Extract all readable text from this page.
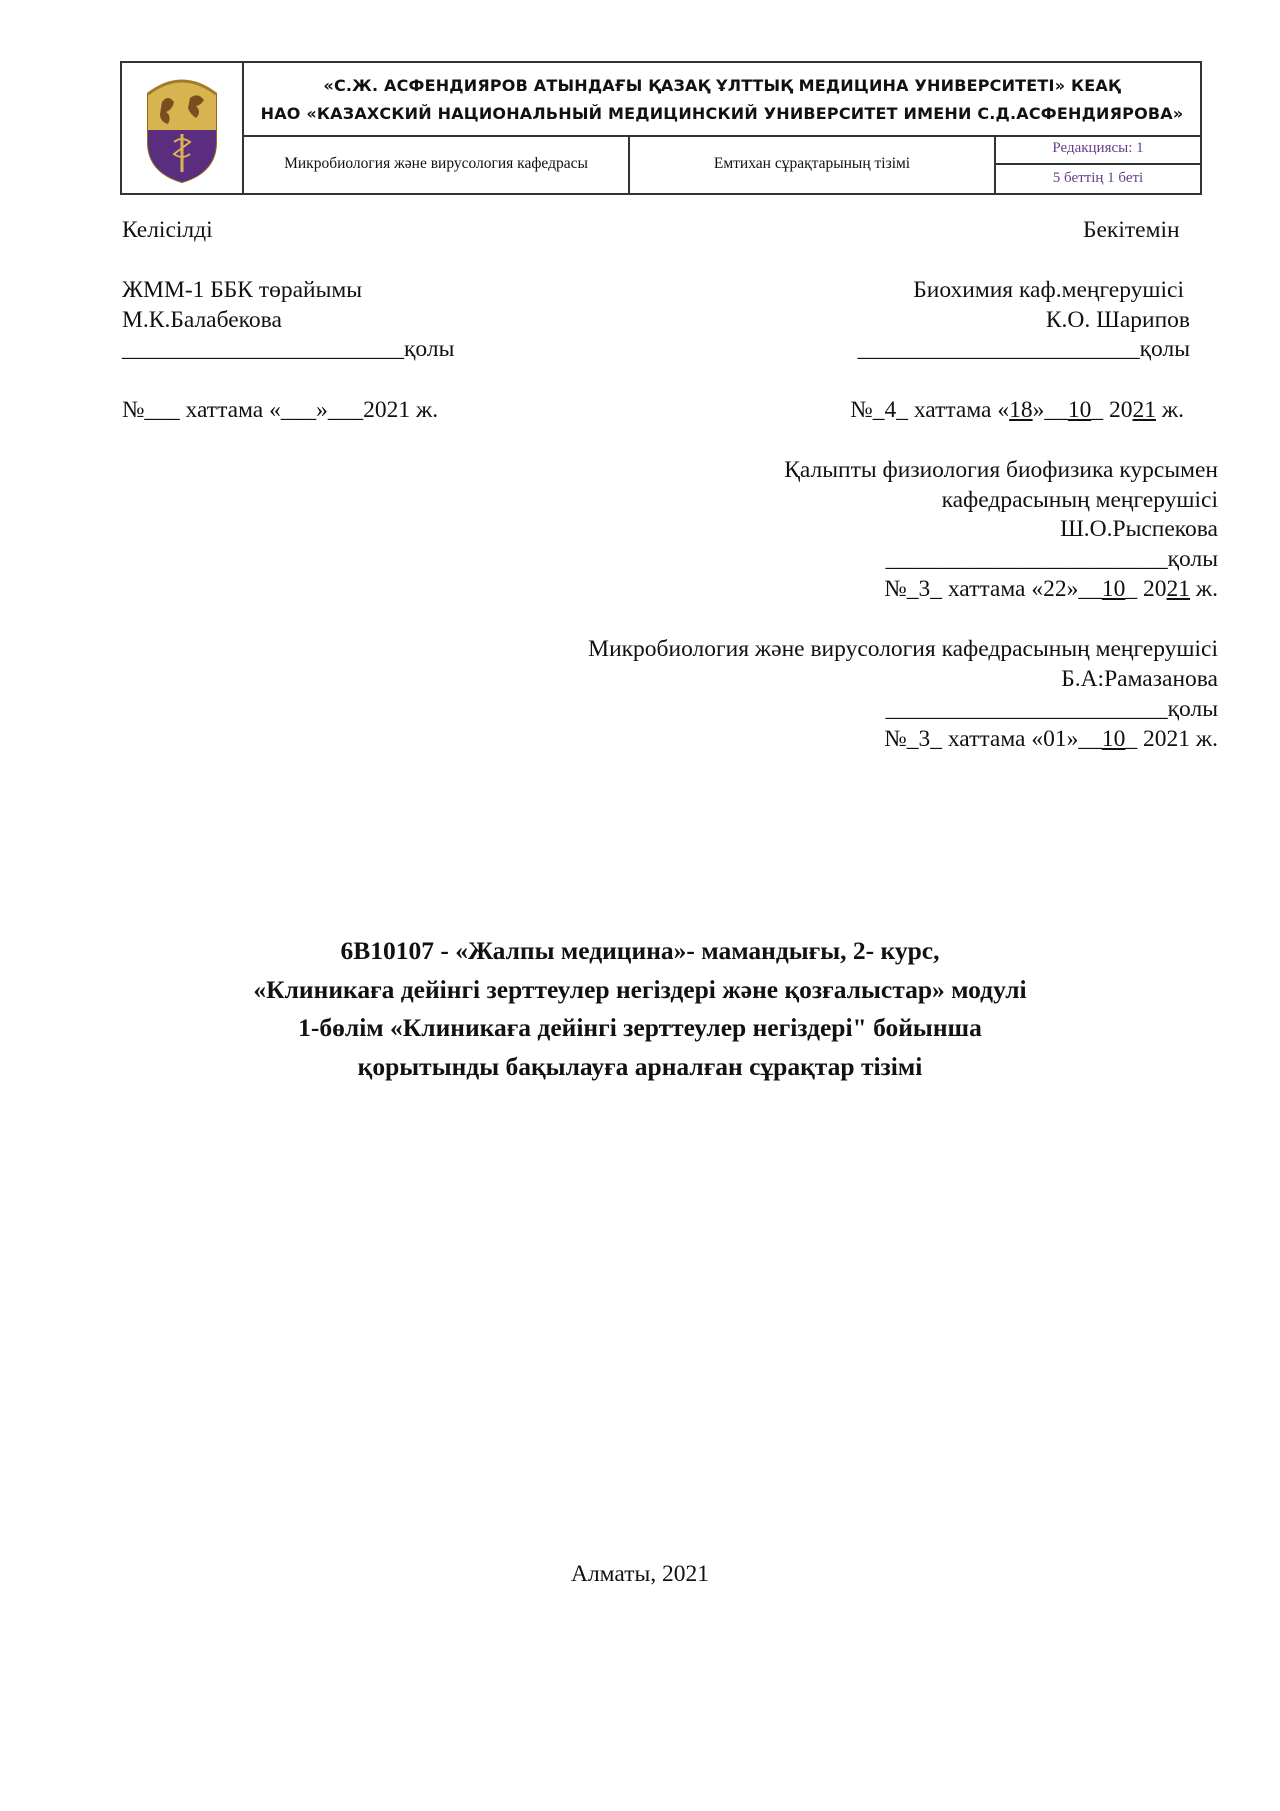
«С.Ж. АСФЕНДИЯРОВ АТЫНДАҒЫ ҚАЗАҚ ҰЛТТЫҚ МЕДИЦИНА УНИВЕРСИТЕТІ» КЕАҚ
НАО «КАЗАХСКИЙ НАЦИОНАЛЬНЫЙ МЕДИЦИНСКИЙ УНИВЕРСИТЕТ ИМЕНИ С.Д.АСФЕНДИЯРОВА»
Микробиология және вирусология кафедрасы	Емтихан сұрақтарының тізімі
Редакциясы: 1
5 беттің 1 беті
Келісілді	Бекітемін
ЖММ-1 ББК төрайымы
М.К.Балабекова
________________________қолы
№___ хаттама «___»___2021 ж.
Биохимия каф.меңгерушісі
К.О. Шарипов
________________________қолы
№_4_ хаттама «18»__10_ 2021 ж.
Қалыпты физиология биофизика курсымен
кафедрасының меңгерушісі
Ш.О.Рыспекова
________________________қолы
№_3_ хаттама «22»__10_ 2021 ж.
Микробиология және вирусология кафедрасының меңгерушісі
Б.А:Рамазанова
________________________қолы
№_3_ хаттама «01»__10_ 2021 ж.
6В10107 - «Жалпы медицина»- мамандығы, 2- курс,
«Клиникаға дейінгі зерттеулер негіздері және қозғалыстар» модулі
1-бөлім «Клиникаға дейінгі зерттеулер негіздері" бойынша
қорытынды бақылауға арналған сұрақтар тізімі
Алматы, 2021
